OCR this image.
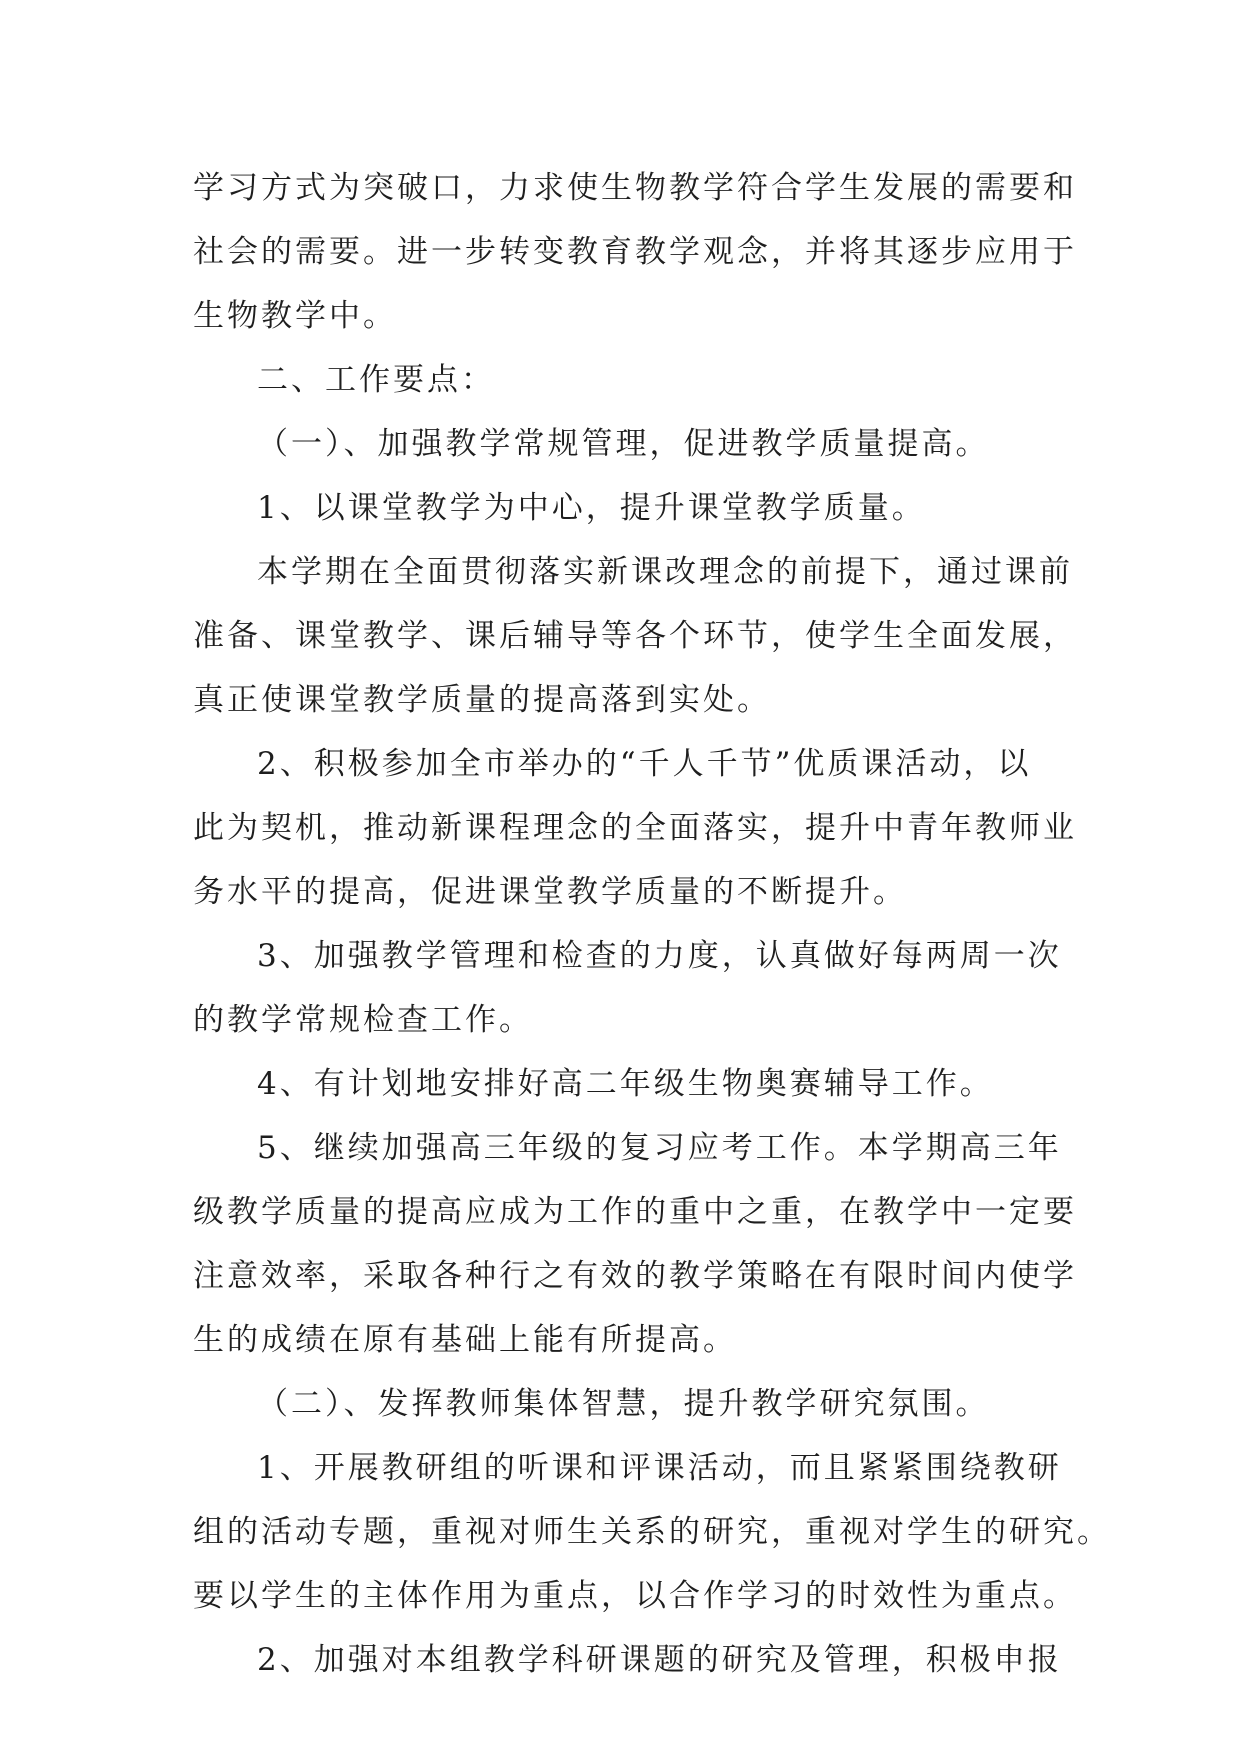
学习方式为突破口，力求使生物教学符合学生发展的需要和
社会的需要。进一步转变教育教学观念，并将其逐步应用于
生物教学中。
二、工作要点：
（一）、加强教学常规管理，促进教学质量提高。
1、以课堂教学为中心，提升课堂教学质量。
本学期在全面贯彻落实新课改理念的前提下，通过课前
准备、课堂教学、课后辅导等各个环节，使学生全面发展，
真正使课堂教学质量的提高落到实处。
2、积极参加全市举办的“千人千节”优质课活动，以
此为契机，推动新课程理念的全面落实，提升中青年教师业
务水平的提高，促进课堂教学质量的不断提升。
3、加强教学管理和检查的力度，认真做好每两周一次
的教学常规检查工作。
4、有计划地安排好高二年级生物奥赛辅导工作。
5、继续加强高三年级的复习应考工作。本学期高三年
级教学质量的提高应成为工作的重中之重，在教学中一定要
注意效率，采取各种行之有效的教学策略在有限时间内使学
生的成绩在原有基础上能有所提高。
（二）、发挥教师集体智慧，提升教学研究氛围。
1、开展教研组的听课和评课活动，而且紧紧围绕教研
组的活动专题，重视对师生关系的研究，重视对学生的研究。
要以学生的主体作用为重点，以合作学习的时效性为重点。
2、加强对本组教学科研课题的研究及管理，积极申报
